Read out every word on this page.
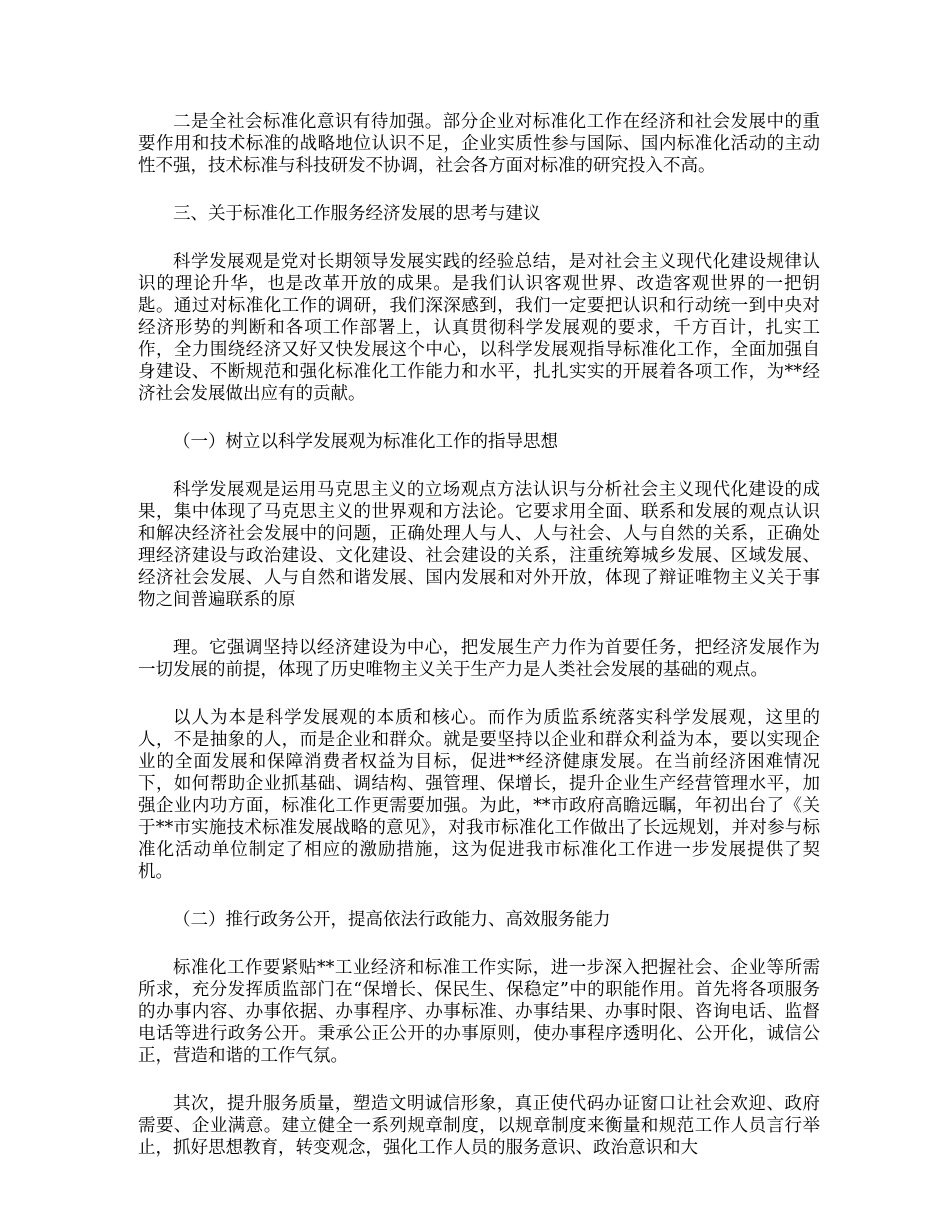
二是全社会标准化意识有待加强。部分企业对标准化工作在经济和社会发展中的重要作用和技术标准的战略地位认识不足，企业实质性参与国际、国内标准化活动的主动性不强，技术标准与科技研发不协调，社会各方面对标准的研究投入不高。

三、关于标准化工作服务经济发展的思考与建议

科学发展观是党对长期领导发展实践的经验总结，是对社会主义现代化建设规律认识的理论升华，也是改革开放的成果。是我们认识客观世界、改造客观世界的一把钥匙。通过对标准化工作的调研，我们深深感到，我们一定要把认识和行动统一到中央对经济形势的判断和各项工作部署上，认真贯彻科学发展观的要求，千方百计，扎实工作，全力围绕经济又好又快发展这个中心，以科学发展观指导标准化工作，全面加强自身建设、不断规范和强化标准化工作能力和水平，扎扎实实的开展着各项工作，为**经济社会发展做出应有的贡献。

（一）树立以科学发展观为标准化工作的指导思想

科学发展观是运用马克思主义的立场观点方法认识与分析社会主义现代化建设的成果，集中体现了马克思主义的世界观和方法论。它要求用全面、联系和发展的观点认识和解决经济社会发展中的问题，正确处理人与人、人与社会、人与自然的关系，正确处理经济建设与政治建设、文化建设、社会建设的关系，注重统筹城乡发展、区域发展、经济社会发展、人与自然和谐发展、国内发展和对外开放，体现了辩证唯物主义关于事物之间普遍联系的原

理。它强调坚持以经济建设为中心，把发展生产力作为首要任务，把经济发展作为一切发展的前提，体现了历史唯物主义关于生产力是人类社会发展的基础的观点。

以人为本是科学发展观的本质和核心。而作为质监系统落实科学发展观，这里的人，不是抽象的人，而是企业和群众。就是要坚持以企业和群众利益为本，要以实现企业的全面发展和保障消费者权益为目标，促进**经济健康发展。在当前经济困难情况下，如何帮助企业抓基础、调结构、强管理、保增长，提升企业生产经营管理水平，加强企业内功方面，标准化工作更需要加强。为此，**市政府高瞻远瞩，年初出台了《关于**市实施技术标准发展战略的意见》，对我市标准化工作做出了长远规划，并对参与标准化活动单位制定了相应的激励措施，这为促进我市标准化工作进一步发展提供了契机。

（二）推行政务公开，提高依法行政能力、高效服务能力

标准化工作要紧贴**工业经济和标准工作实际，进一步深入把握社会、企业等所需所求，充分发挥质监部门在“保增长、保民生、保稳定”中的职能作用。首先将各项服务的办事内容、办事依据、办事程序、办事标准、办事结果、办事时限、咨询电话、监督电话等进行政务公开。秉承公正公开的办事原则，使办事程序透明化、公开化，诚信公正，营造和谐的工作气氛。

其次，提升服务质量，塑造文明诚信形象，真正使代码办证窗口让社会欢迎、政府需要、企业满意。建立健全一系列规章制度，以规章制度来衡量和规范工作人员言行举止，抓好思想教育，转变观念，强化工作人员的服务意识、政治意识和大
